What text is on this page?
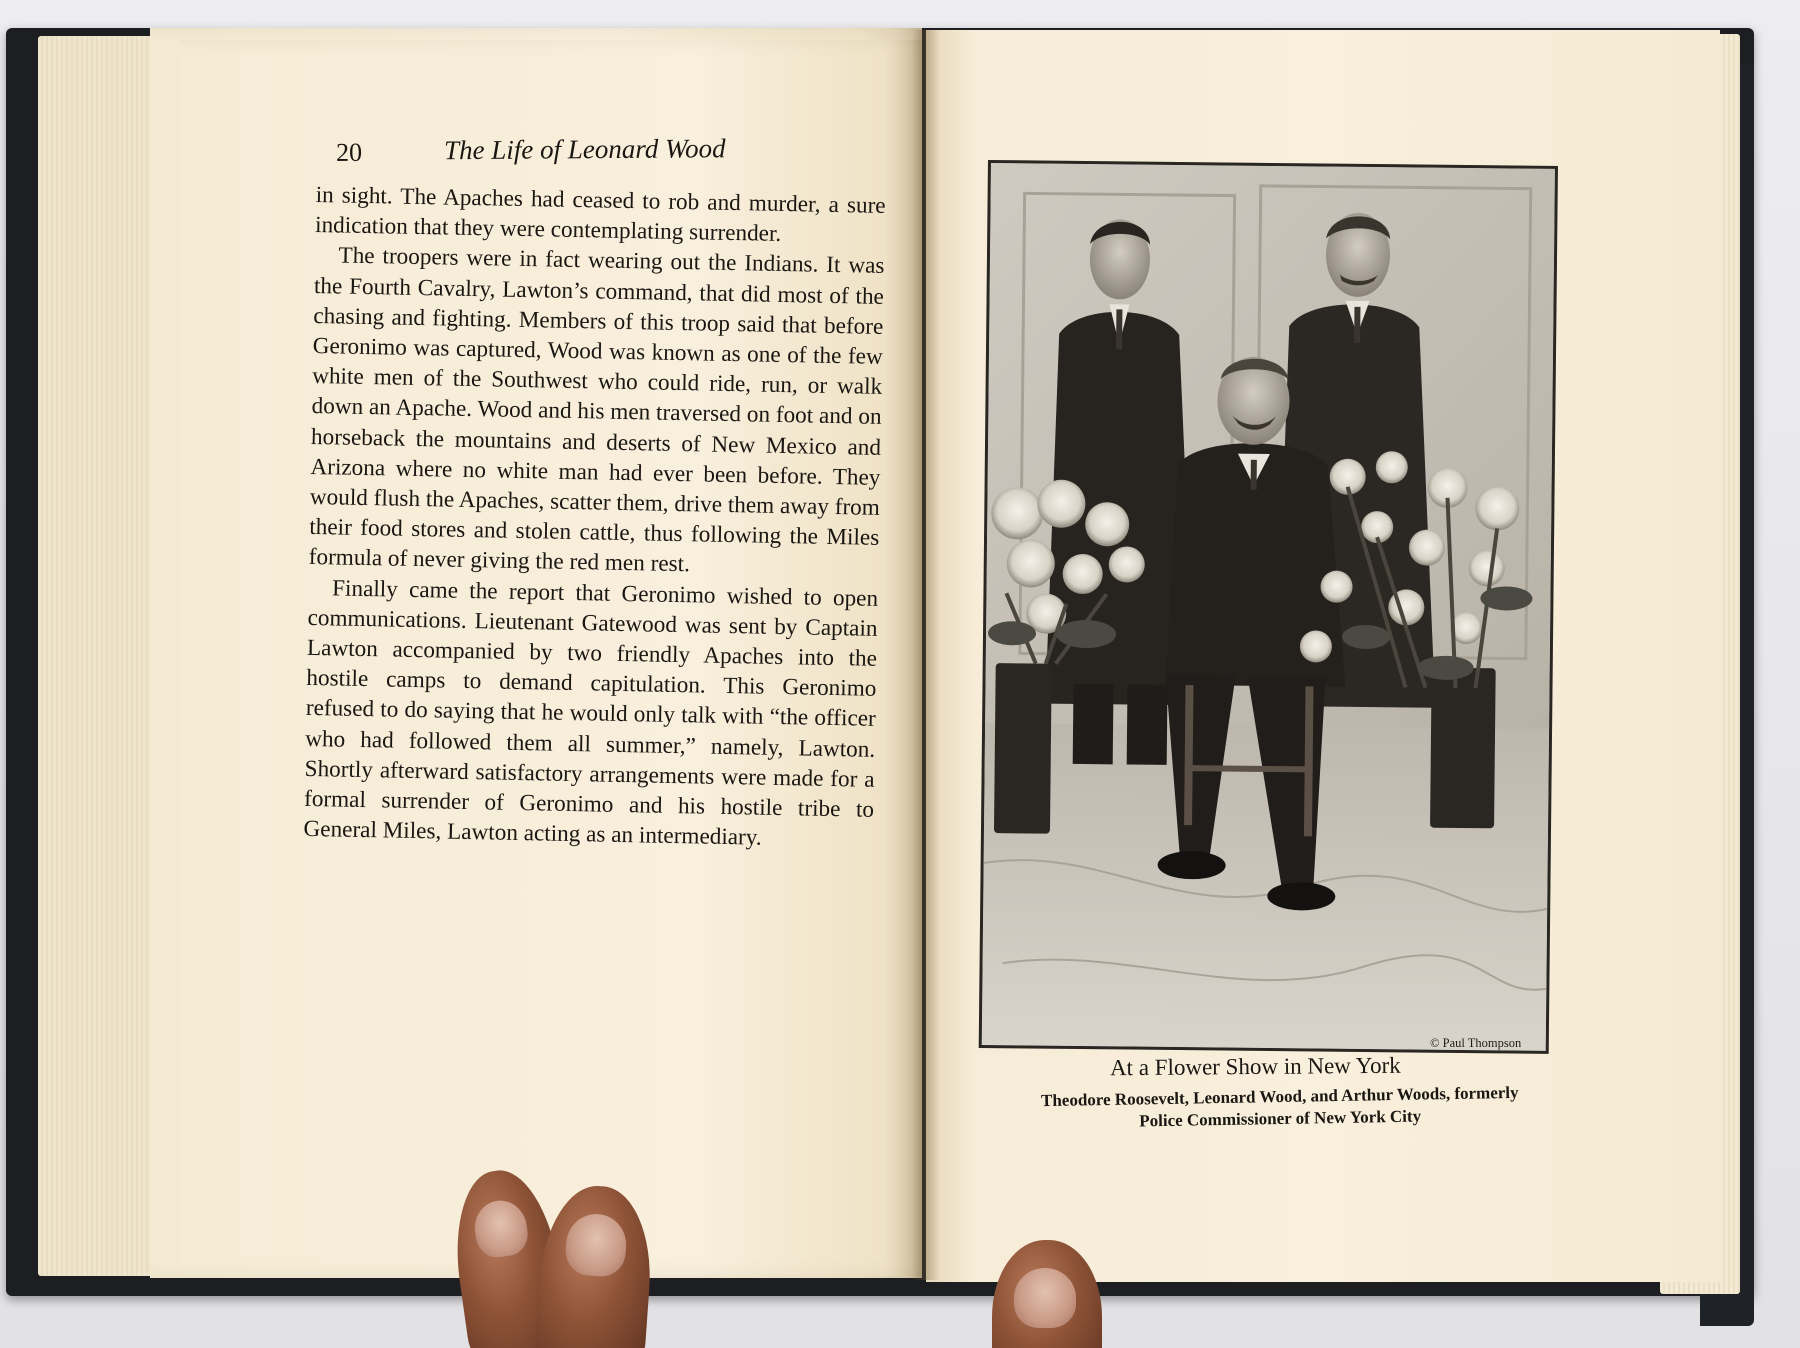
20	The Life of Leonard Wood

in sight. The Apaches had ceased to rob and murder, a sure indication that they were contemplating surrender.

The troopers were in fact wearing out the Indians. It was the Fourth Cavalry, Lawton’s command, that did most of the chasing and fighting. Members of this troop said that before Geronimo was captured, Wood was known as one of the few white men of the Southwest who could ride, run, or walk down an Apache. Wood and his men traversed on foot and on horseback the mountains and deserts of New Mexico and Arizona where no white man had ever been before. They would flush the Apaches, scatter them, drive them away from their food stores and stolen cattle, thus following the Miles formula of never giving the red men rest.

Finally came the report that Geronimo wished to open communications. Lieutenant Gatewood was sent by Captain Lawton accompanied by two friendly Apaches into the hostile camps to demand capitulation. This Geronimo refused to do saying that he would only talk with “the officer who had followed them all summer,” namely, Lawton. Shortly afterward satisfactory arrangements were made for a formal surrender of Geronimo and his hostile tribe to General Miles, Lawton acting as an intermediary.

© Paul Thompson
At a Flower Show in New York
Theodore Roosevelt, Leonard Wood, and Arthur Woods, formerly
Police Commissioner of New York City
